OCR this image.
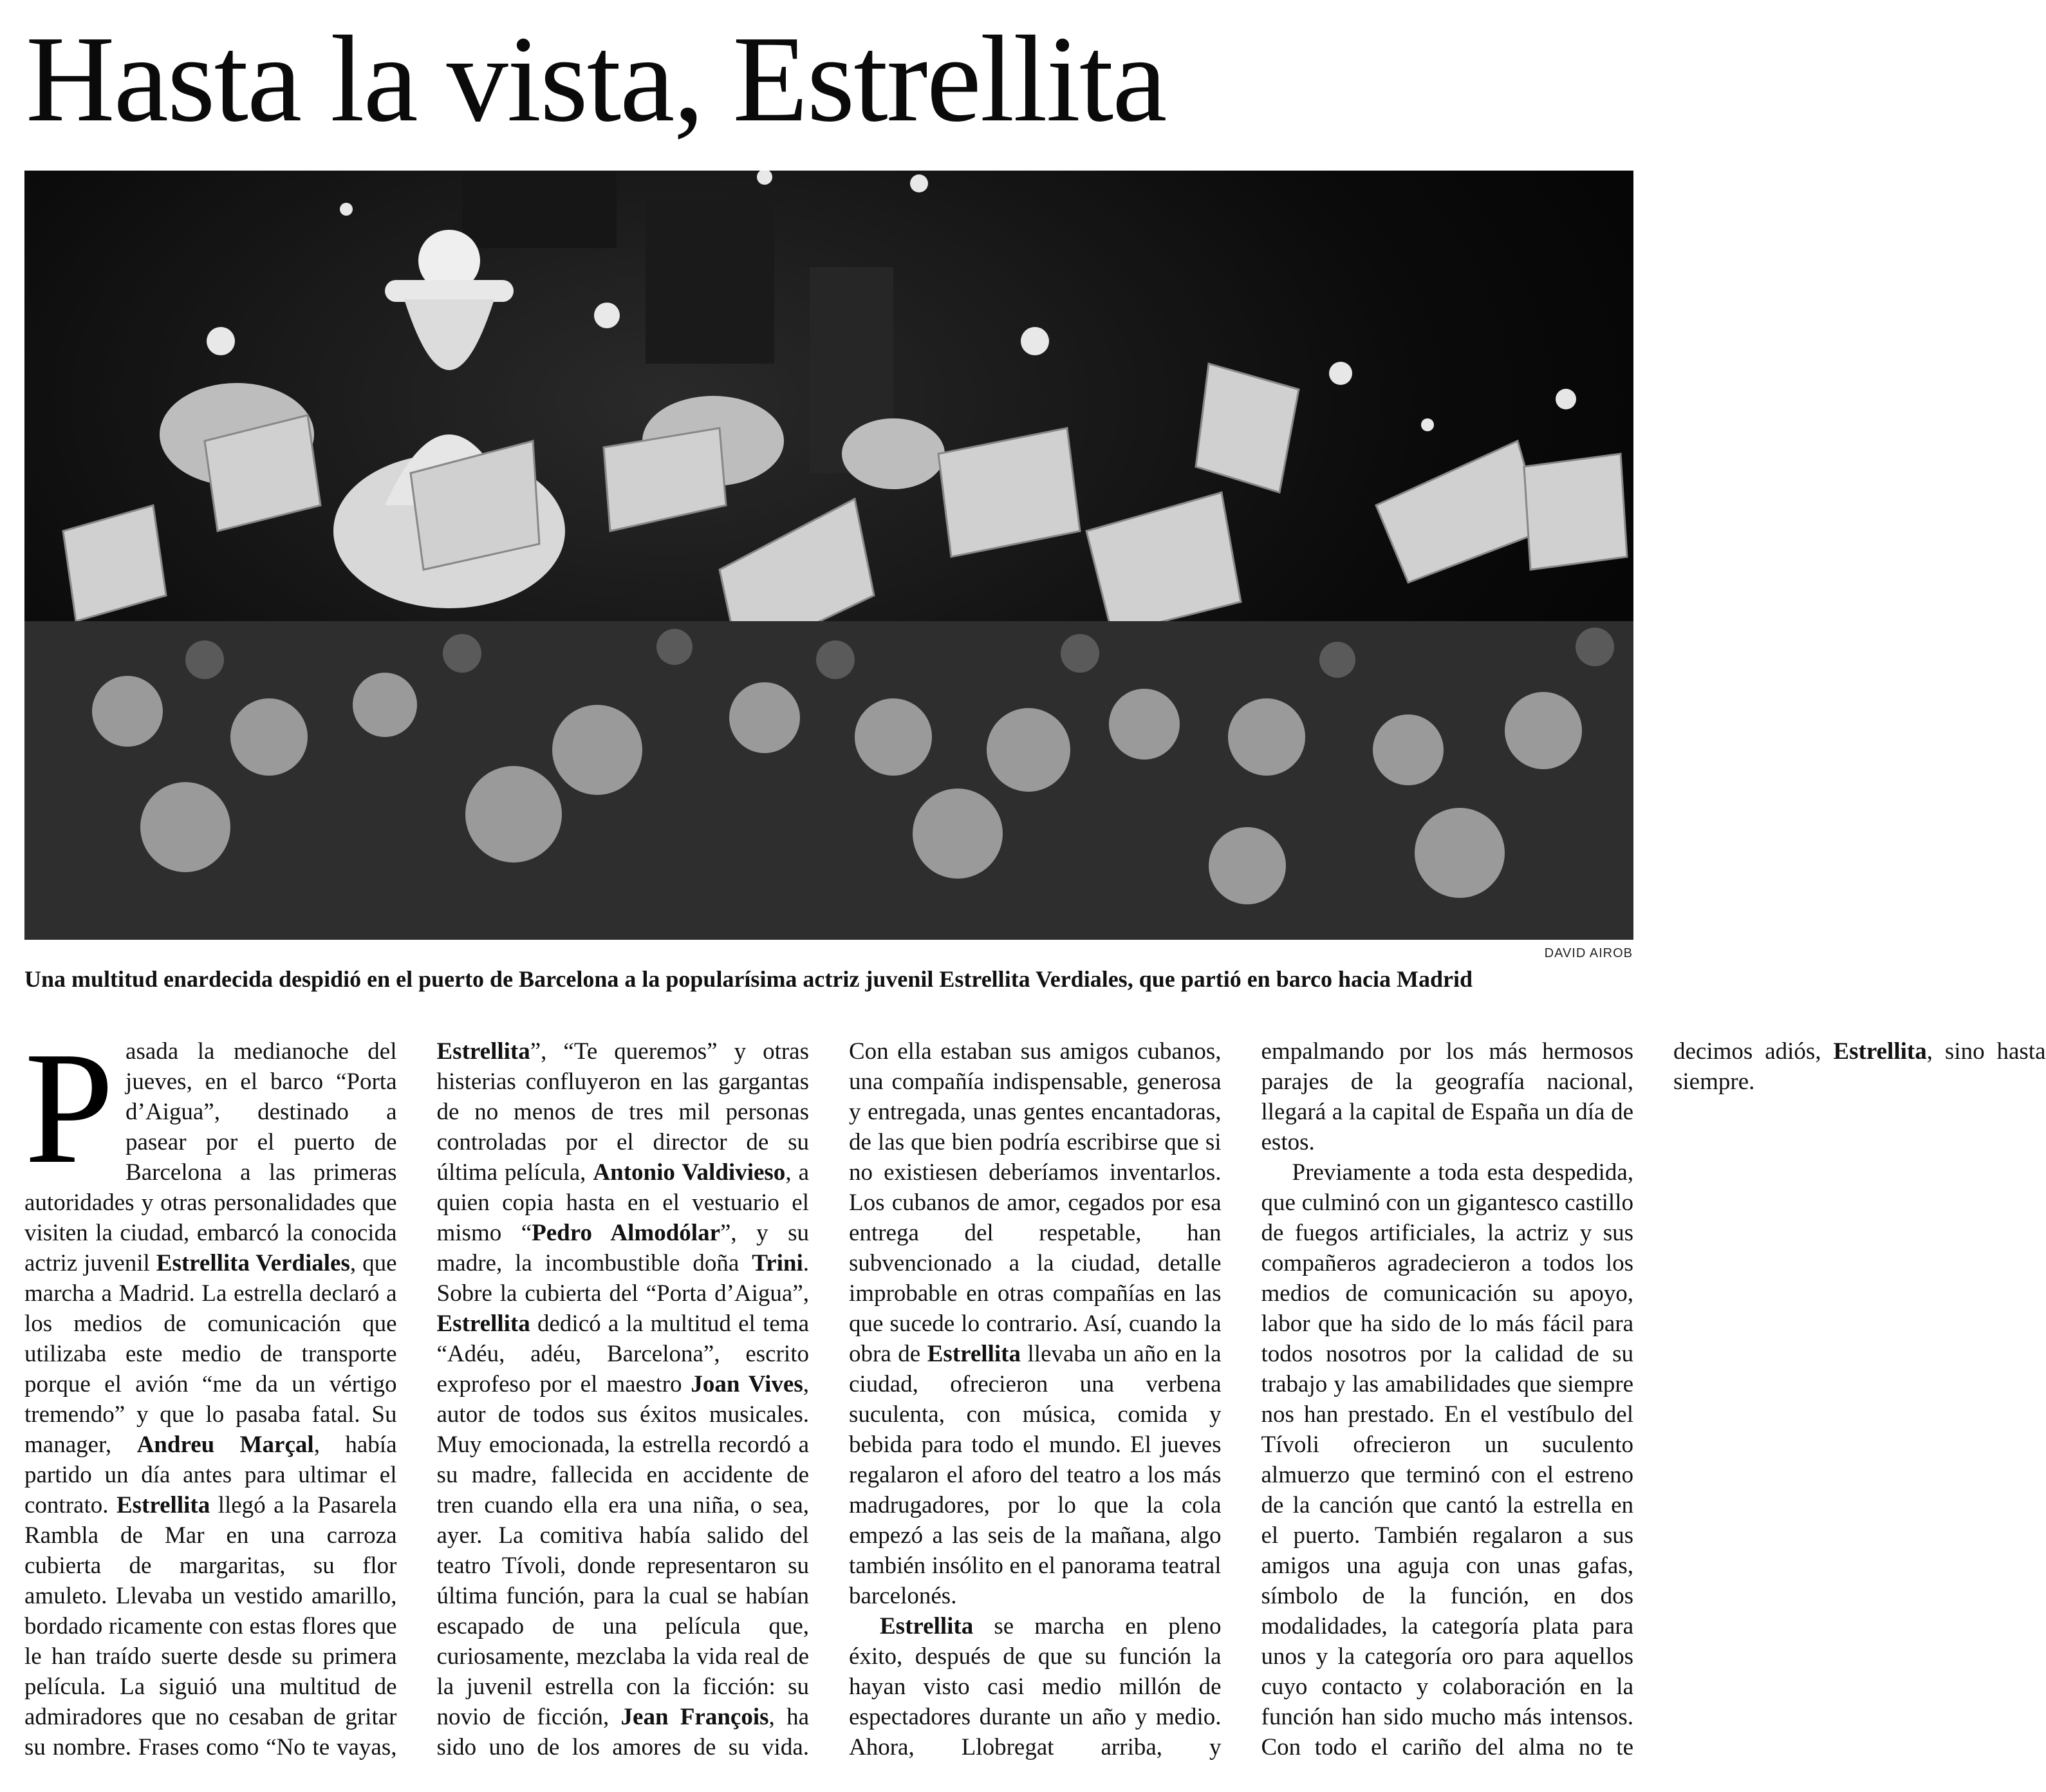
Hasta la vista, Estrellita
DAVID AIROB

Una multitud enardecida despidió en el puerto de Barcelona a la popularísima actriz juvenil Estrellita Verdiales, que partió en barco hacia Madrid

Pasada la medianoche del jueves, en el barco “Porta d’Aigua”, destinado a pasear por el puerto de Barcelona a las primeras autoridades y otras personalidades que visiten la ciudad, embarcó la conocida actriz juvenil Estrellita Verdiales, que marcha a Madrid. La estrella declaró a los medios de comunicación que utilizaba este medio de transporte porque el avión “me da un vértigo tremendo” y que lo pasaba fatal. Su manager, Andreu Marçal, había partido un día antes para ultimar el contrato. Estrellita llegó a la Pasarela Rambla de Mar en una carroza cubierta de margaritas, su flor amuleto. Llevaba un vestido amarillo, bordado ricamente con estas flores que le han traído suerte desde su primera película. La siguió una multitud de admiradores que no cesaban de gritar su nombre. Frases como “No te vayas, Estrellita”, “Te queremos” y otras histerias confluyeron en las gargantas de no menos de tres mil personas controladas por el director de su última película, Antonio Valdivieso, a quien copia hasta en el vestuario el mismo “Pedro Almodólar”, y su madre, la incombustible doña Trini. Sobre la cubierta del “Porta d’Aigua”, Estrellita dedicó a la multitud el tema “Adéu, adéu, Barcelona”, escrito exprofeso por el maestro Joan Vives, autor de todos sus éxitos musicales. Muy emocionada, la estrella recordó a su madre, fallecida en accidente de tren cuando ella era una niña, o sea, ayer. La comitiva había salido del teatro Tívoli, donde representaron su última función, para la cual se habían escapado de una película que, curiosamente, mezclaba la vida real de la juvenil estrella con la ficción: su novio de ficción, Jean François, ha sido uno de los amores de su vida. Con ella estaban sus amigos cubanos, una compañía indispensable, generosa y entregada, unas gentes encantadoras, de las que bien podría escribirse que si no existiesen deberíamos inventarlos. Los cubanos de amor, cegados por esa entrega del respetable, han subvencionado a la ciudad, detalle improbable en otras compañías en las que sucede lo contrario. Así, cuando la obra de Estrellita llevaba un año en la ciudad, ofrecieron una verbena suculenta, con música, comida y bebida para todo el mundo. El jueves regalaron el aforo del teatro a los más madrugadores, por lo que la cola empezó a las seis de la mañana, algo también insólito en el panorama teatral barcelonés.

Estrellita se marcha en pleno éxito, después de que su función la hayan visto casi medio millón de espectadores durante un año y medio. Ahora, Llobregat arriba, y empalmando por los más hermosos parajes de la geografía nacional, llegará a la capital de España un día de estos.

Previamente a toda esta despedida, que culminó con un gigantesco castillo de fuegos artificiales, la actriz y sus compañeros agradecieron a todos los medios de comunicación su apoyo, labor que ha sido de lo más fácil para todos nosotros por la calidad de su trabajo y las amabilidades que siempre nos han prestado. En el vestíbulo del Tívoli ofrecieron un suculento almuerzo que terminó con el estreno de la canción que cantó la estrella en el puerto. También regalaron a sus amigos una aguja con unas gafas, símbolo de la función, en dos modalidades, la categoría plata para unos y la categoría oro para aquellos cuyo contacto y colaboración en la función han sido mucho más intensos. Con todo el cariño del alma no te decimos adiós, Estrellita, sino hasta siempre.
